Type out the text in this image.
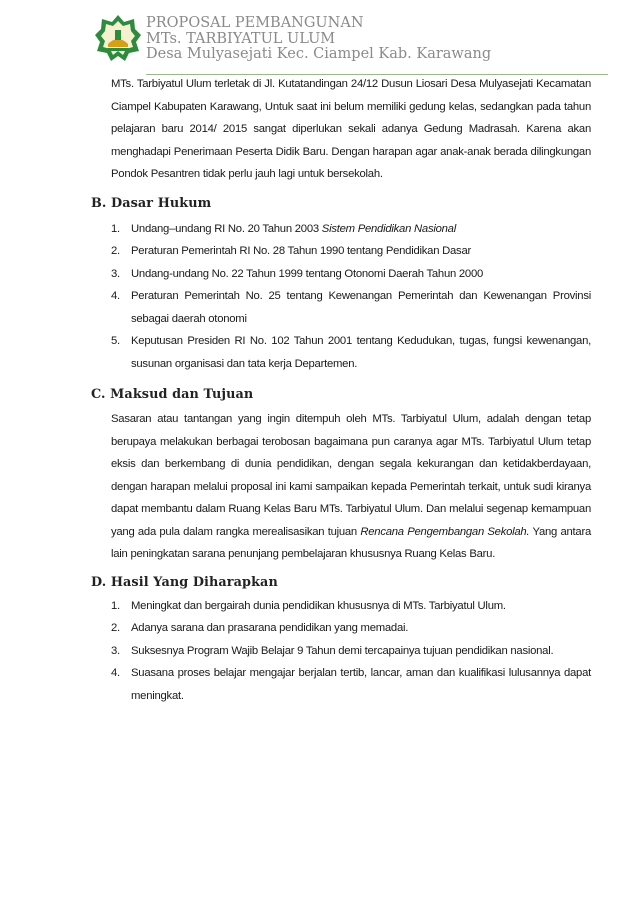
PROPOSAL PEMBANGUNAN
MTs. TARBIYATUL ULUM
Desa Mulyasejati Kec. Ciampel Kab. Karawang

MTs. Tarbiyatul Ulum terletak di Jl. Kutatandingan 24/12 Dusun Liosari Desa Mulyasejati Kecamatan Ciampel Kabupaten Karawang, Untuk saat ini belum memiliki gedung kelas, sedangkan pada tahun pelajaran baru 2014/ 2015 sangat diperlukan sekali adanya Gedung Madrasah. Karena akan menghadapi Penerimaan Peserta Didik Baru. Dengan harapan agar anak-anak berada dilingkungan Pondok Pesantren tidak perlu jauh lagi untuk bersekolah.

B. Dasar Hukum
1. Undang–undang RI No. 20 Tahun 2003 Sistem Pendidikan Nasional
2. Peraturan Pemerintah RI No. 28 Tahun 1990 tentang Pendidikan Dasar
3. Undang-undang No. 22 Tahun 1999 tentang Otonomi Daerah Tahun 2000
4. Peraturan Pemerintah No. 25 tentang Kewenangan Pemerintah dan Kewenangan Provinsi sebagai daerah otonomi
5. Keputusan Presiden RI No. 102 Tahun 2001 tentang Kedudukan, tugas, fungsi kewenangan, susunan organisasi dan tata kerja Departemen.
C. Maksud dan Tujuan

Sasaran atau tantangan yang ingin ditempuh oleh MTs. Tarbiyatul Ulum, adalah dengan tetap berupaya melakukan berbagai terobosan bagaimana pun caranya agar MTs. Tarbiyatul Ulum tetap eksis dan berkembang di dunia pendidikan, dengan segala kekurangan dan ketidakberdayaan, dengan harapan melalui proposal ini kami sampaikan kepada Pemerintah terkait, untuk sudi kiranya dapat membantu dalam Ruang Kelas Baru MTs. Tarbiyatul Ulum. Dan melalui segenap kemampuan yang ada pula dalam rangka merealisasikan tujuan Rencana Pengembangan Sekolah. Yang antara lain peningkatan sarana penunjang pembelajaran khususnya Ruang Kelas Baru.

D. Hasil Yang Diharapkan
1. Meningkat dan bergairah dunia pendidikan khususnya di MTs. Tarbiyatul Ulum.
2. Adanya sarana dan prasarana pendidikan yang memadai.
3. Suksesnya Program Wajib Belajar 9 Tahun demi tercapainya tujuan pendidikan nasional.
4. Suasana proses belajar mengajar berjalan tertib, lancar, aman dan kualifikasi lulusannya dapat meningkat.
